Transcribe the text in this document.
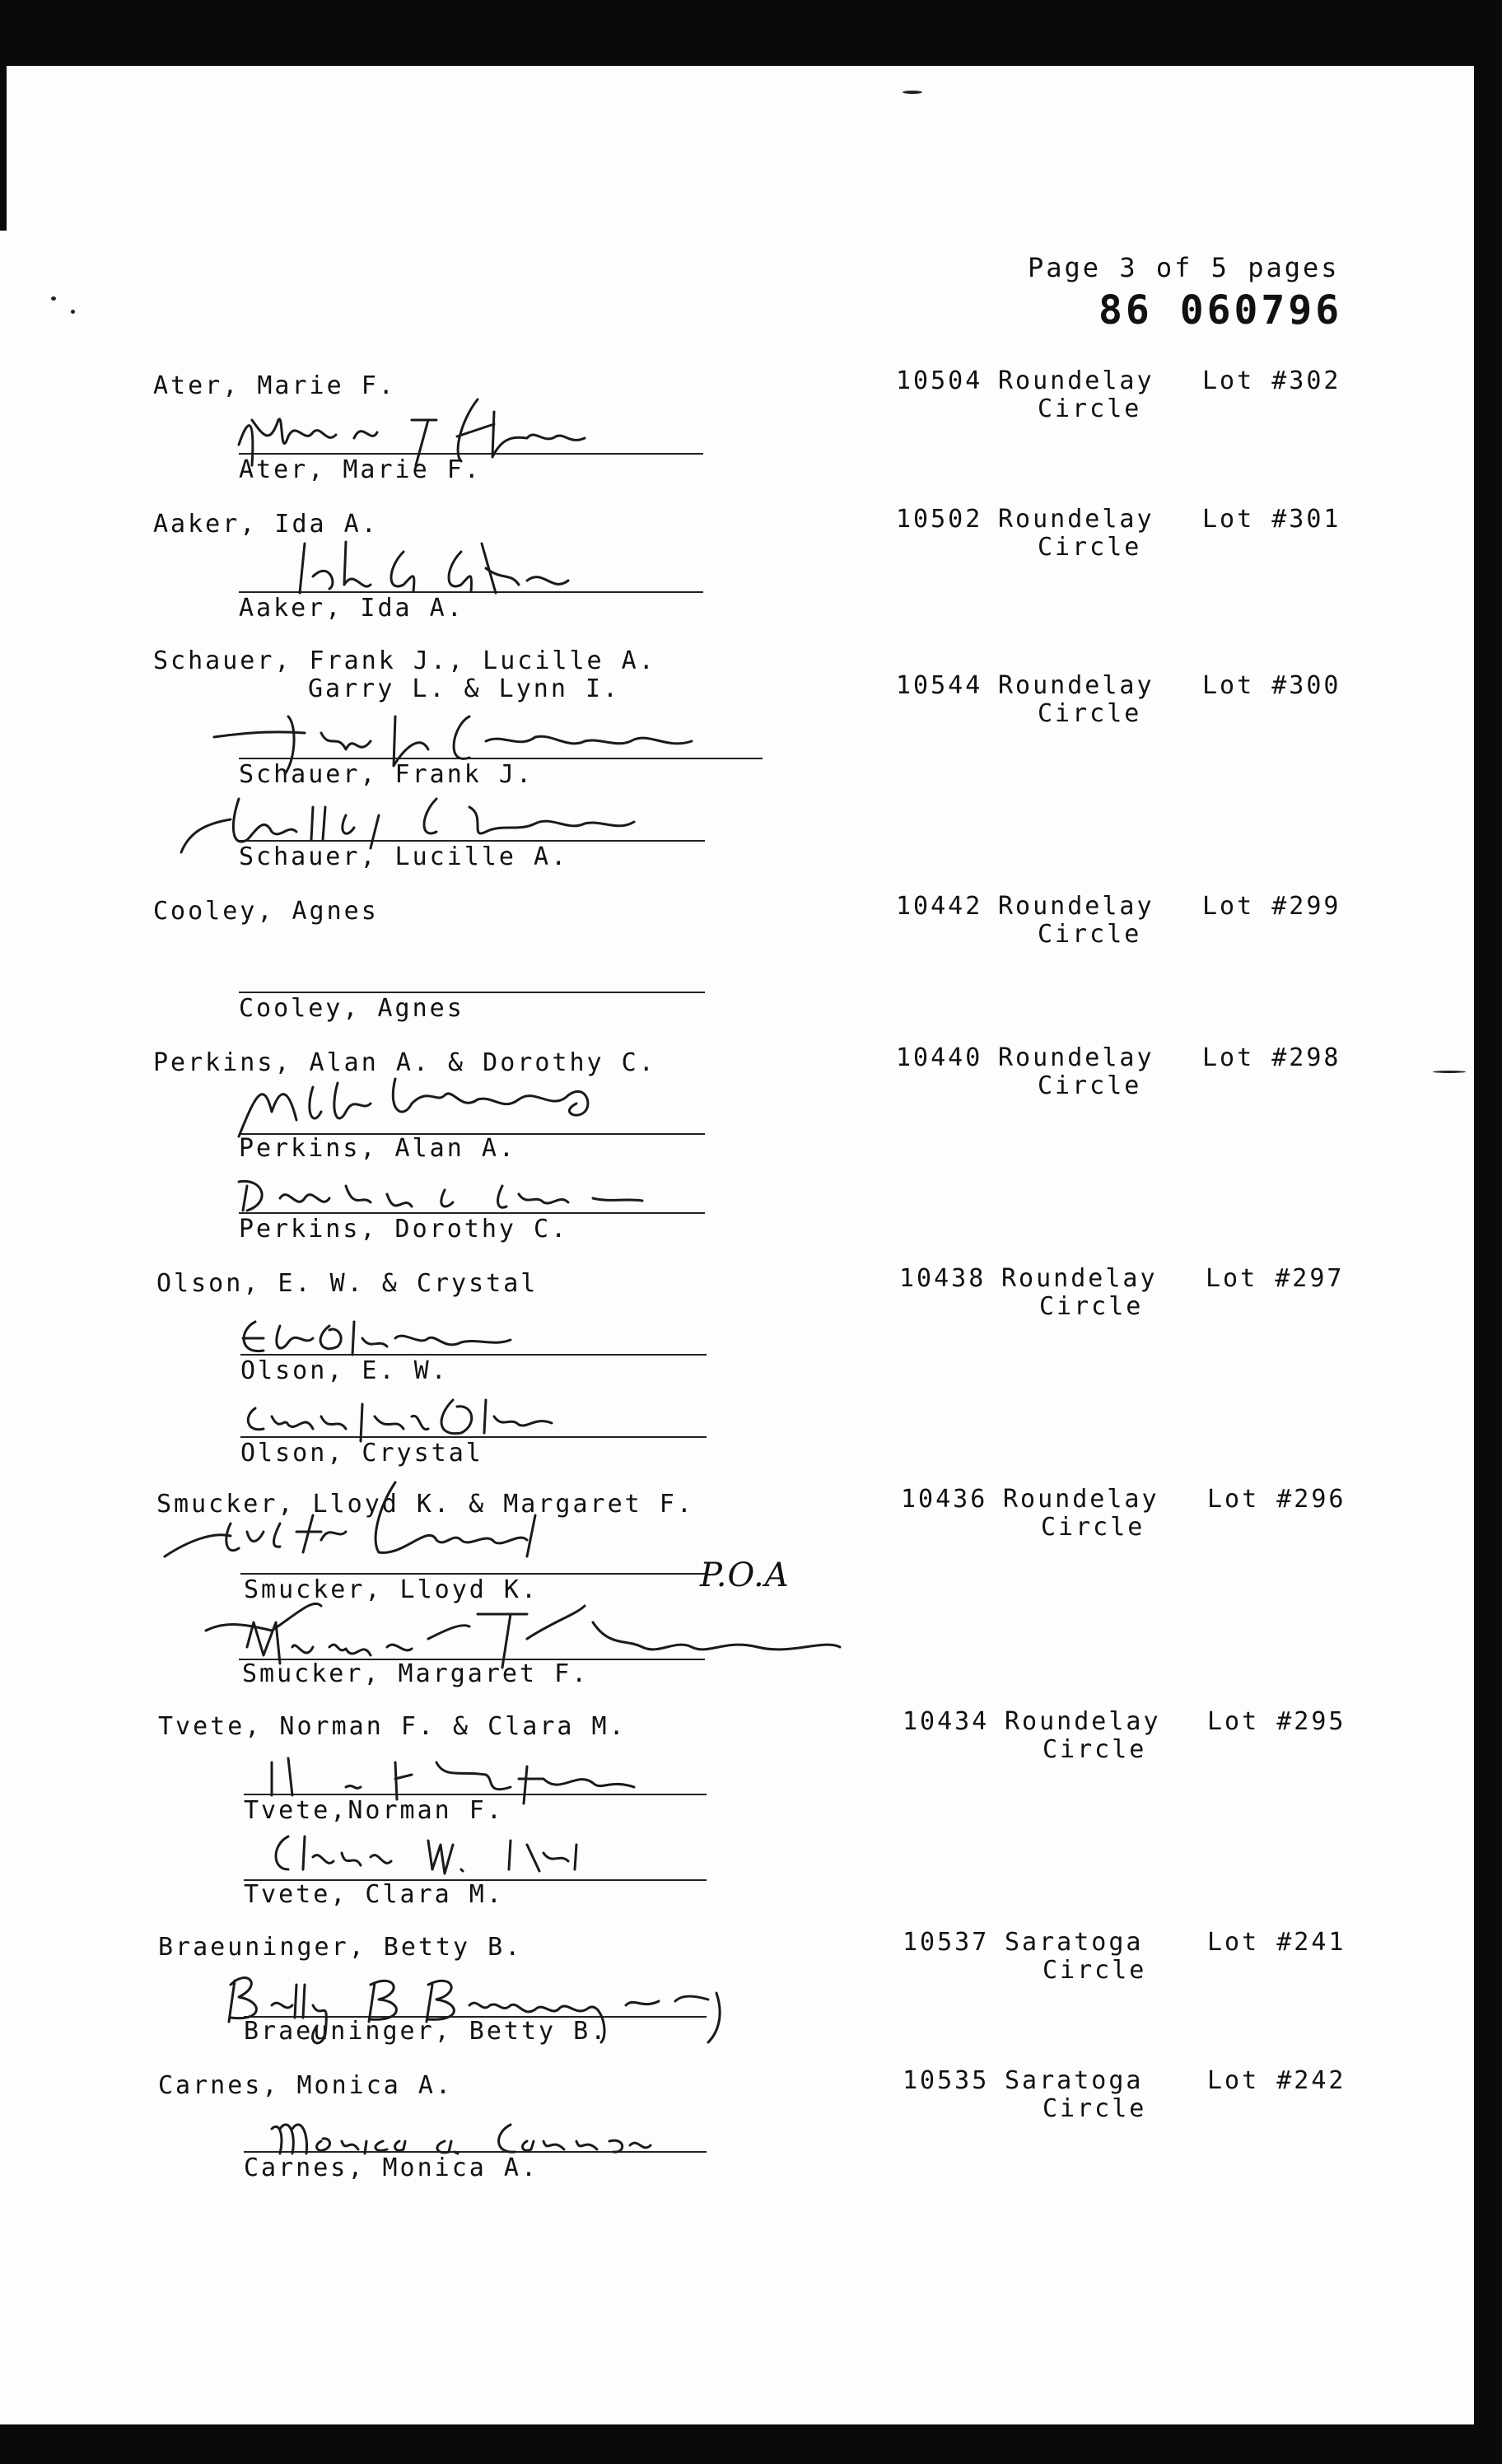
Page 3 of 5 pages
86 060796
Ater, Marie F.	10504 Roundelay
Circle
Lot #302
Ater, Marie F.
Aaker, Ida A.	10502 Roundelay
Circle
Lot #301
Aaker, Ida A.
Schauer, Frank J., Lucille A.
Garry L. & Lynn I.	10544 Roundelay
Circle
Lot #300
Schauer, Frank J.
Schauer, Lucille A.
Cooley, Agnes	10442 Roundelay
Circle
Lot #299
Cooley, Agnes
Perkins, Alan A. & Dorothy C.	10440 Roundelay
Circle
Lot #298
Perkins, Alan A.
Perkins, Dorothy C.
Olson, E. W. & Crystal	10438 Roundelay
Circle
Lot #297
Olson, E. W.
Olson, Crystal
Smucker, Lloyd K. & Margaret F.	10436 Roundelay
Circle
Lot #296
Smucker, Lloyd K.	P.O.A
Smucker, Margaret F.
Tvete, Norman F. & Clara M.	10434 Roundelay
Circle
Lot #295
Tvete,Norman F.
Tvete, Clara M.
Braeuninger, Betty B.	10537 Saratoga
Circle
Lot #241
Braeuninger, Betty B.
Carnes, Monica A.	10535 Saratoga
Circle
Lot #242
Carnes, Monica A.
